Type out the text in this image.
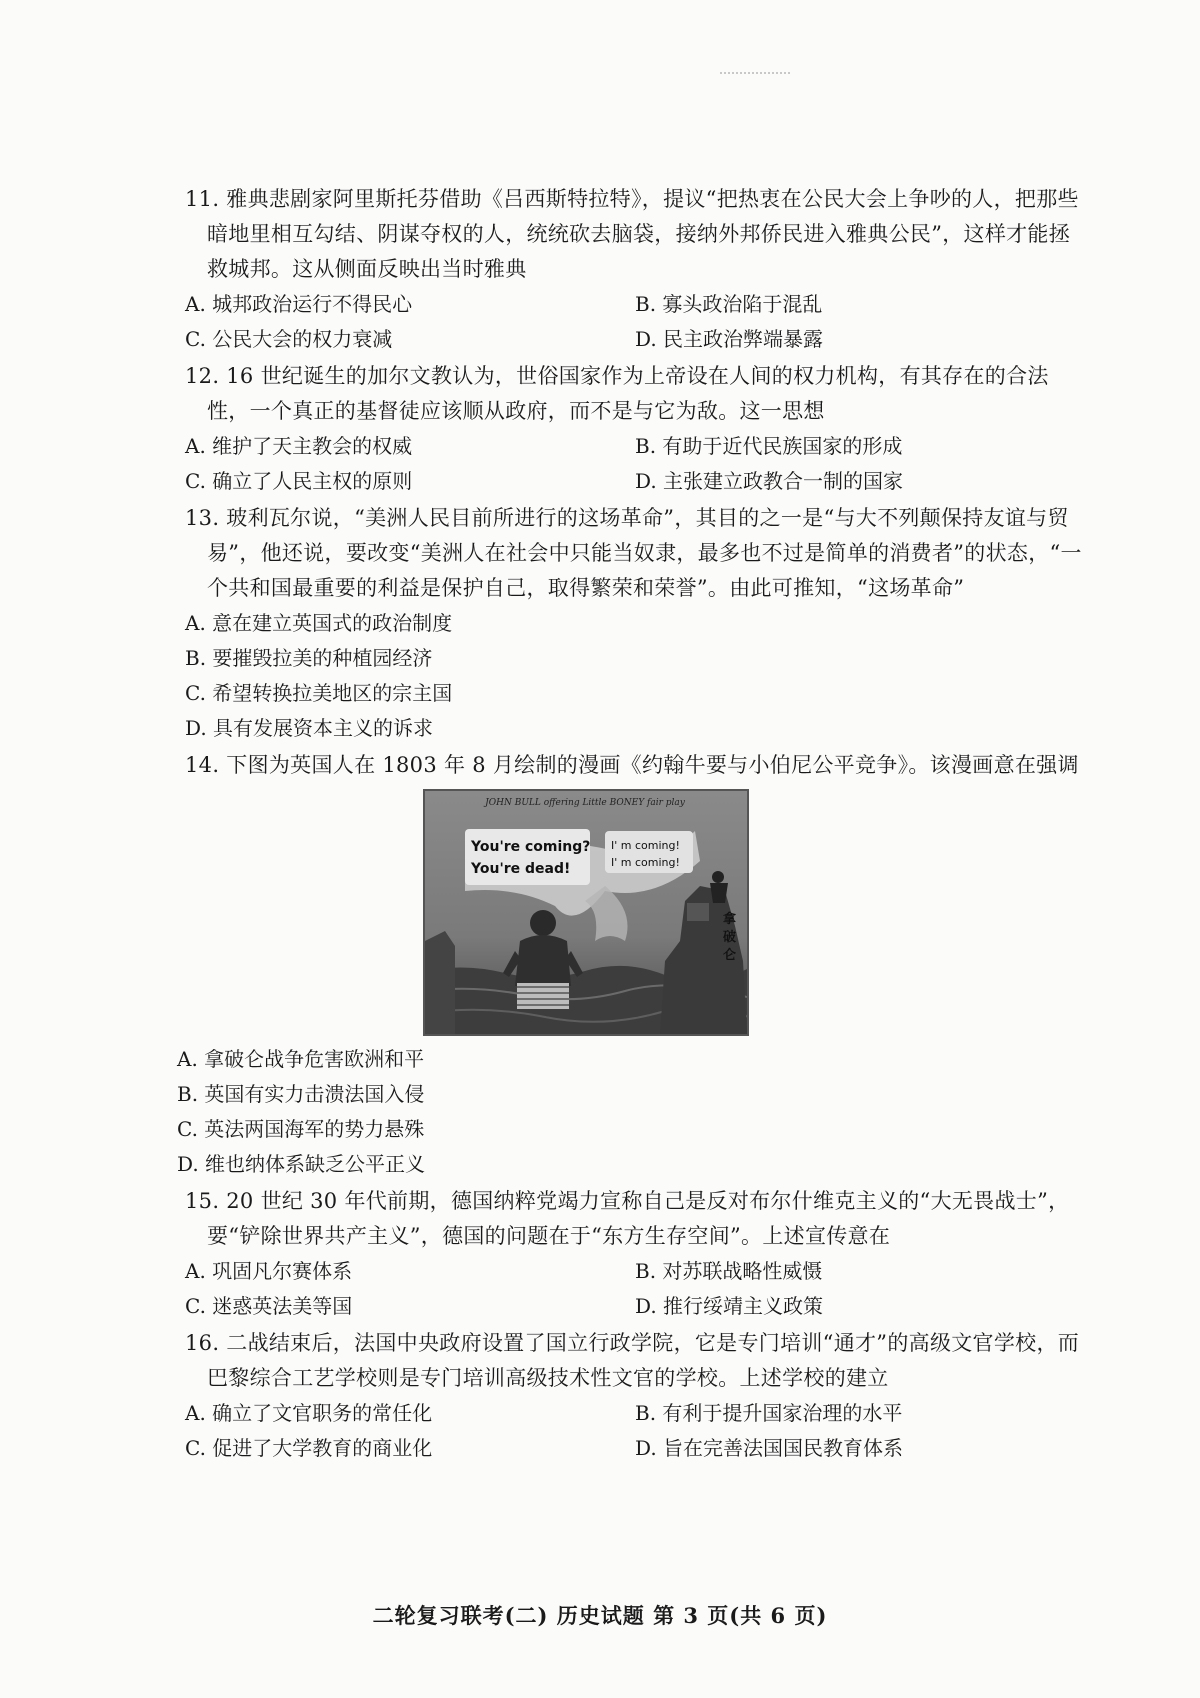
11. 雅典悲剧家阿里斯托芬借助《吕西斯特拉特》，提议“把热衷在公民大会上争吵的人，把那些暗地里相互勾结、阴谋夺权的人，统统砍去脑袋，接纳外邦侨民进入雅典公民”，这样才能拯救城邦。这从侧面反映出当时雅典
A. 城邦政治运行不得民心	B. 寡头政治陷于混乱
C. 公民大会的权力衰减	D. 民主政治弊端暴露
12. 16 世纪诞生的加尔文教认为，世俗国家作为上帝设在人间的权力机构，有其存在的合法性，一个真正的基督徒应该顺从政府，而不是与它为敌。这一思想
A. 维护了天主教会的权威	B. 有助于近代民族国家的形成
C. 确立了人民主权的原则	D. 主张建立政教合一制的国家
13. 玻利瓦尔说，“美洲人民目前所进行的这场革命”，其目的之一是“与大不列颠保持友谊与贸易”，他还说，要改变“美洲人在社会中只能当奴隶，最多也不过是简单的消费者”的状态，“一个共和国最重要的利益是保护自己，取得繁荣和荣誉”。由此可推知，“这场革命”
A. 意在建立英国式的政治制度
B. 要摧毁拉美的种植园经济
C. 希望转换拉美地区的宗主国
D. 具有发展资本主义的诉求
14. 下图为英国人在 1803 年 8 月绘制的漫画《约翰牛要与小伯尼公平竞争》。该漫画意在强调
JOHN BULL offering Little BONEY fair play
You're coming?
You're dead!
I' m coming!
I' m coming!
拿
破
仑
A. 拿破仑战争危害欧洲和平
B. 英国有实力击溃法国入侵
C. 英法两国海军的势力悬殊
D. 维也纳体系缺乏公平正义
15. 20 世纪 30 年代前期，德国纳粹党竭力宣称自己是反对布尔什维克主义的“大无畏战士”，要“铲除世界共产主义”，德国的问题在于“东方生存空间”。上述宣传意在
A. 巩固凡尔赛体系	B. 对苏联战略性威慑
C. 迷惑英法美等国	D. 推行绥靖主义政策
16. 二战结束后，法国中央政府设置了国立行政学院，它是专门培训“通才”的高级文官学校，而巴黎综合工艺学校则是专门培训高级技术性文官的学校。上述学校的建立
A. 确立了文官职务的常任化	B. 有利于提升国家治理的水平
C. 促进了大学教育的商业化	D. 旨在完善法国国民教育体系
二轮复习联考(二) 历史试题 第 3 页(共 6 页)
